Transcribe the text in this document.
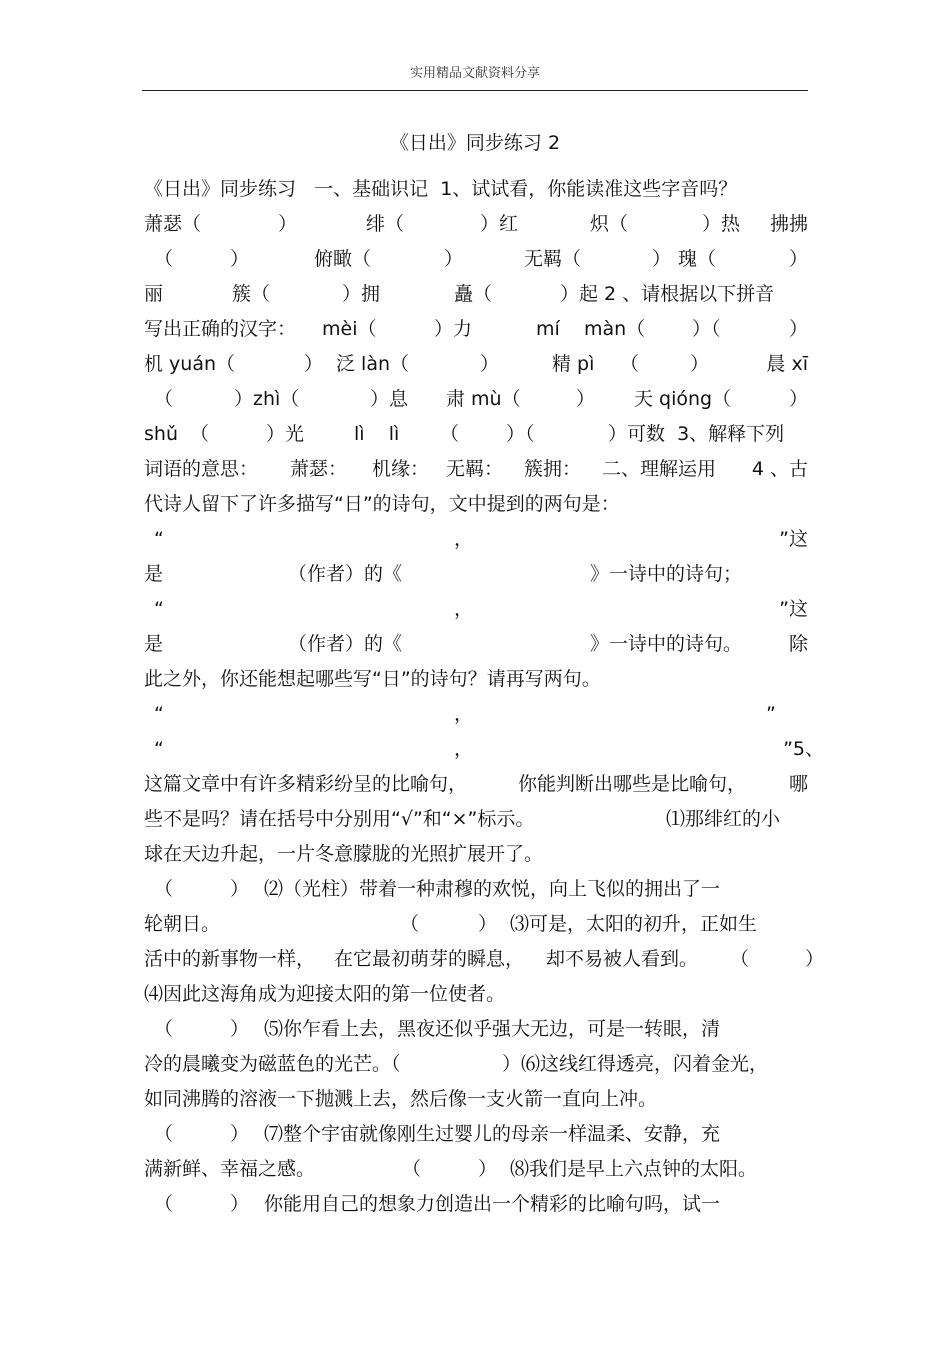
实用精品文献资料分享
《日出》同步练习 2

《日出》同步练习   一、基础识记  1、试试看，你能读准这些字音吗？

萧瑟（

	）

	绯（

	）红

	炽（

	）热

拂拂

（

	）

	俯瞰（

	）

	无羁（

	）

瑰（

	）

丽

	簇（

	）拥

	矗（

	）起 2 、请根据以下拼音

写出正确的汉字：

mèi（

	）力

	mí    màn（

）（

	）

机 yuán（

	）

泛 làn（

	）

	精 pì

（

	）

	晨 xī

（

	）zhì（

	）息

肃 mù（

	）

天 qióng（

	）

shǔ  （

	）光

	lì    lì

（

）（

	）可数  3、解释下列

词语的意思：

萧瑟：

机缘：

无羁：

簇拥：

二、理解运用

4 、古

代诗人留下了许多描写“日”的诗句，文中提到的两句是：

“

	，

	”这

是

	（作者）的《

	》一诗中的诗句；

“

	，

	”这

是

	（作者）的《

	》一诗中的诗句。

除

此之外，你还能想起哪些写“日”的诗句？请再写两句。

“

	，

	”

“

	，

	”5、

这篇文章中有许多精彩纷呈的比喻句，

	你能判断出哪些是比喻句，

哪

些不是吗？请在括号中分别用“√”和“×”标示。

	⑴那绯红的小

球在天边升起，一片冬意朦胧的光照扩展开了。

（

	）

⑵（光柱）带着一种肃穆的欢悦，向上飞似的拥出了一

轮朝日。

	（

	）

⑶可是，太阳的初升，正如生

活中的新事物一样，

在它最初萌芽的瞬息，

却不易被人看到。

（

	）

⑷因此这海角成为迎接太阳的第一位使者。

（

	）

⑸你乍看上去，黑夜还似乎强大无边，可是一转眼，清

冷的晨曦变为磁蓝色的光芒。（

	）⑹这线红得透亮，闪着金光，

如同沸腾的溶液一下抛溅上去，然后像一支火箭一直向上冲。

（

	）

⑺整个宇宙就像刚生过婴儿的母亲一样温柔、安静，充

满新鲜、幸福之感。

	（

	）

⑻我们是早上六点钟的太阳。

（

	）

你能用自己的想象力创造出一个精彩的比喻句吗，试一
